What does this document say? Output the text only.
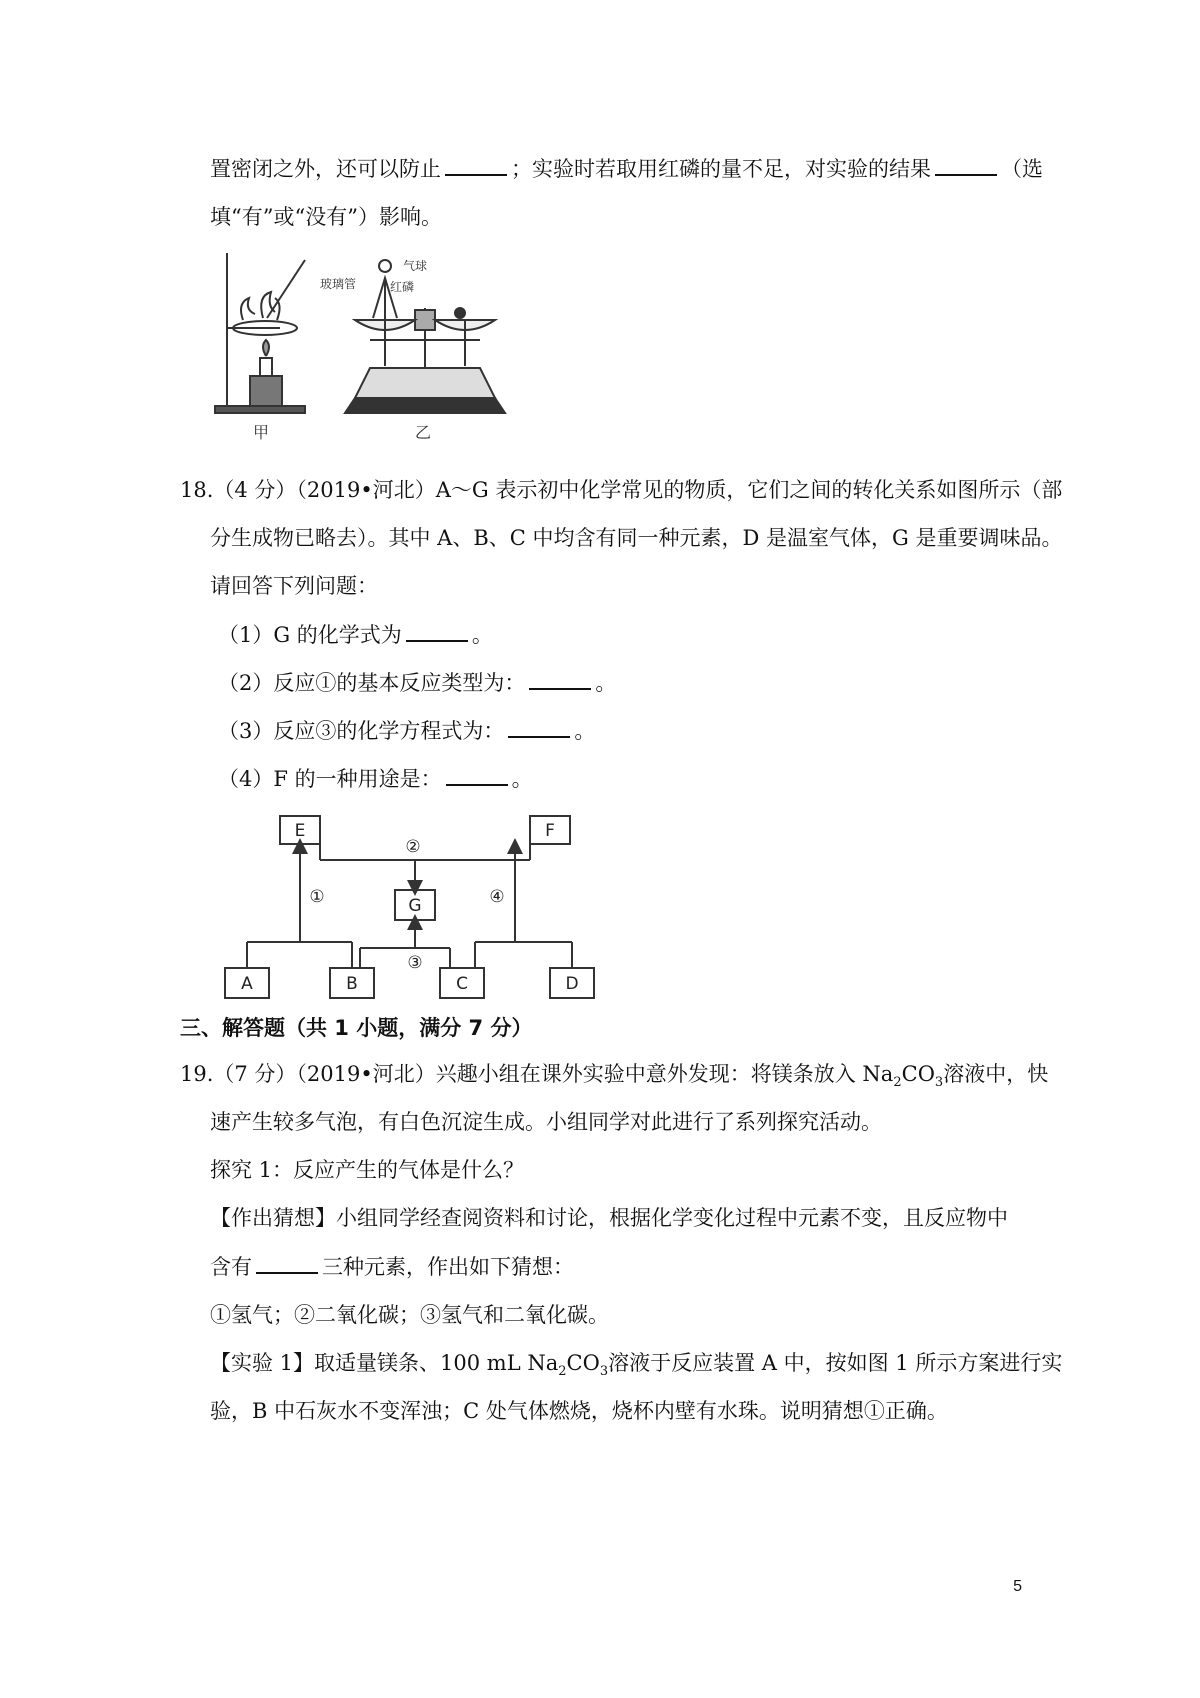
置密闭之外，还可以防止	；实验时若取用红磷的量不足，对实验的结果	（选
填“有”或“没有”）影响。
甲
气球
玻璃管	红磷
乙
18.（4 分）（2019•河北）A～G 表示初中化学常见的物质，它们之间的转化关系如图所示（部
分生成物已略去）。其中 A、B、C 中均含有同一种元素，D 是温室气体，G 是重要调味品。
请回答下列问题：
（1）G 的化学式为	。
（2）反应①的基本反应类型为：	。
（3）反应③的化学方程式为：	。
（4）F 的一种用途是：	。
E	F
G
A	B	C	D
①
②
③
④
三、解答题（共 1 小题，满分 7 分）
19.（7 分）（2019•河北）兴趣小组在课外实验中意外发现：将镁条放入 $Na_2CO_3$溶液中，快
速产生较多气泡，有白色沉淀生成。小组同学对此进行了系列探究活动。
探究 1：反应产生的气体是什么？
【作出猜想】小组同学经查阅资料和讨论，根据化学变化过程中元素不变，且反应物中
含有	三种元素，作出如下猜想：
①氢气；②二氧化碳；③氢气和二氧化碳。
【实验 1】取适量镁条、100 mL $Na_2CO_3$溶液于反应装置 A 中，按如图 1 所示方案进行实
验，B 中石灰水不变浑浊；C 处气体燃烧，烧杯内壁有水珠。说明猜想①正确。
5
